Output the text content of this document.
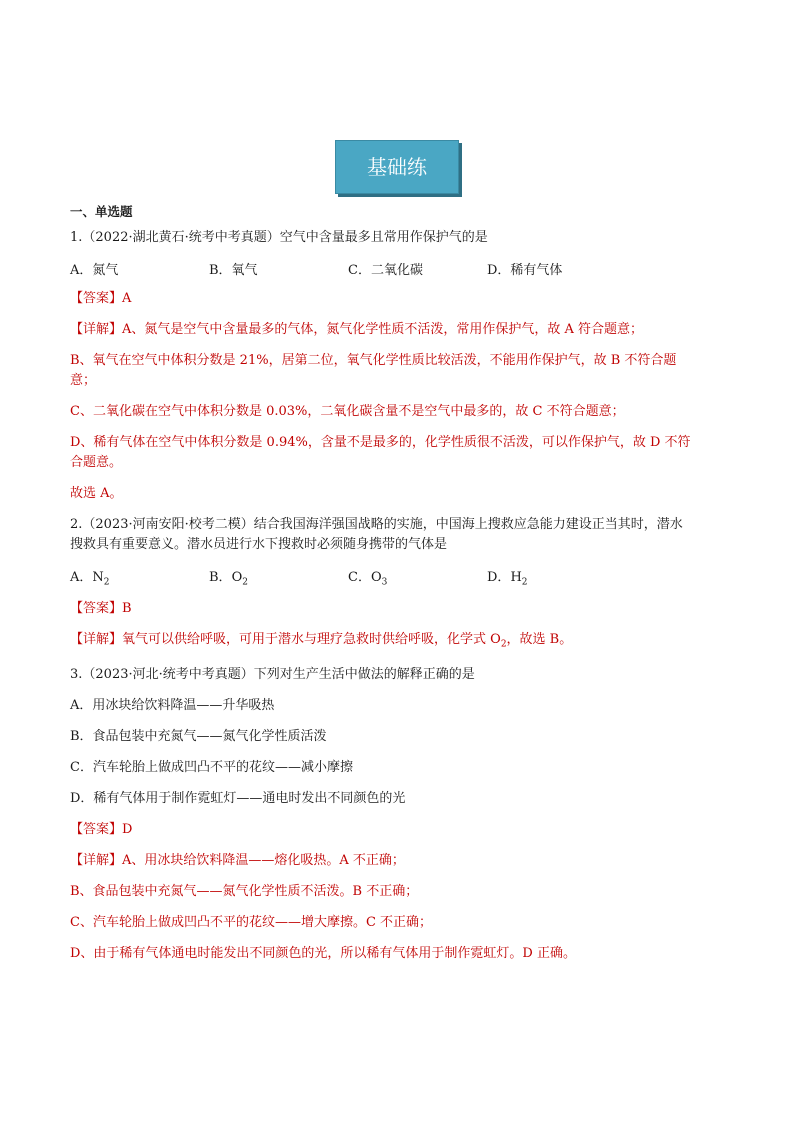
基础练

一、单选题

1.（2022·湖北黄石·统考中考真题）空气中含量最多且常用作保护气的是

A．氮气	B．氧气	C．二氧化碳	D．稀有气体

【答案】A

【详解】A、氮气是空气中含量最多的气体，氮气化学性质不活泼，常用作保护气，故 A 符合题意；

B、氧气在空气中体积分数是 21%，居第二位，氧气化学性质比较活泼，不能用作保护气，故 B 不符合题

意；

C、二氧化碳在空气中体积分数是 0.03%，二氧化碳含量不是空气中最多的，故 C 不符合题意；

D、稀有气体在空气中体积分数是 0.94%，含量不是最多的，化学性质很不活泼，可以作保护气，故 D 不符

合题意。

故选 A。

2.（2023·河南安阳·校考二模）结合我国海洋强国战略的实施，中国海上搜救应急能力建设正当其时，潜水

搜救具有重要意义。潜水员进行水下搜救时必须随身携带的气体是

A．$N_2$	B．$O_2$	C．$O_3$	D．$H_2$

【答案】B

【详解】氧气可以供给呼吸，可用于潜水与理疗急救时供给呼吸，化学式 $O_2$，故选 B。

3.（2023·河北·统考中考真题）下列对生产生活中做法的解释正确的是

A．用冰块给饮料降温——升华吸热

B．食品包装中充氮气——氮气化学性质活泼

C．汽车轮胎上做成凹凸不平的花纹——减小摩擦

D．稀有气体用于制作霓虹灯——通电时发出不同颜色的光

【答案】D

【详解】A、用冰块给饮料降温——熔化吸热。A 不正确；

B、食品包装中充氮气——氮气化学性质不活泼。B 不正确；

C、汽车轮胎上做成凹凸不平的花纹——增大摩擦。C 不正确；

D、由于稀有气体通电时能发出不同颜色的光，所以稀有气体用于制作霓虹灯。D 正确。
